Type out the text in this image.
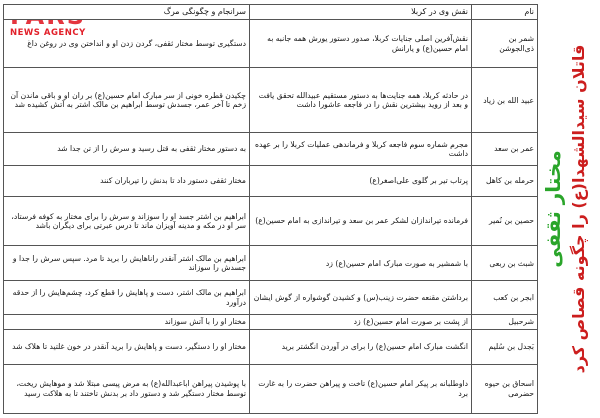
NEWS AGENCY
نام	نقش وی در کربلا	سرانجام و چگونگی مرگ
شمر بن ذی‌الجوشن	نقش‌آفرین اصلی جنایات کربلا، صدور دستور یورش همه جانبه به امام حسین(ع) و یارانش	دستگیری توسط مختار ثقفی، گردن زدن او و انداختن وی در روغن داغ
عبید الله بن زیاد	در حادثه کربلا، همه جنایت‌ها به دستور مستقیم عبیدالله تحقق یافت و بعد از روید بیشترین نقش را در فاجعه عاشورا داشت	چکیدن قطره خونی از سر مبارک امام حسین(ع) بر ران او و باقی ماندن آن زخم تا آخر عمر، جسدش توسط ابراهیم بن مالک اشتر به آتش کشیده شد
عمر بن سعد	مجرم شماره سوم فاجعه کربلا و فرماندهی عملیات کربلا را بر عهده داشت	به دستور مختار ثقفی به قتل رسید و سرش را از تن جدا شد
حرمله بن کاهل	پرتاب تیر بر گلوی علی‌اصغر(ع)	مختار ثقفی دستور داد تا بدنش را تیرباران کنند
حصین بن نُمیر	فرمانده تیراندازان لشکر عمر بن سعد و تیراندازی به امام حسین(ع)	ابراهیم بن اشتر جسد او را سوزاند و سرش را برای مختار به کوفه فرستاد، سر او در مکه و مدینه آویزان ماند تا درس عبرتی برای دیگران باشد
شبث بن ربعی	با شمشیر به صورت مبارک امام حسین(ع) زد	ابراهیم بن مالک اشتر آنقدر راناهایش را برید تا مرد. سپس سرش را جدا و جسدش را سوزاند
ابجر بن کعب	برداشتن مقنعه حضرت زینب(س) و کشیدن گوشواره از گوش ایشان	ابراهیم بن مالک اشتر، دست و پاهایش را قطع کرد، چشم‌هایش را از حدقه درآورد
شرحبیل	از پشت بر صورت امام حسین(ع) زد	مختار او را با آتش سوزاند
بَجدل بن سُلیم	انگشت مبارک امام حسین(ع) را برای در آوردن انگشتر برید	مختار او را دستگیر، دست و پاهایش را برید آنقدر در خون غلتید تا هلاک شد
اسحاق بن حیوه حضرمی	داوطلبانه بر پیکر امام حسین(ع) تاخت و پیراهن حضرت را به غارت برد	با پوشیدن پیراهن اباعبدالله(ع) به مرض پیسی مبتلا شد و موهایش ریخت، توسط مختار دستگیر شد و دستور داد بر بدنش تاختند تا به هلاکت رسید
مختار ثقفی قاتلان سیدالشهدا(ع) را چگونه قصاص کرد
